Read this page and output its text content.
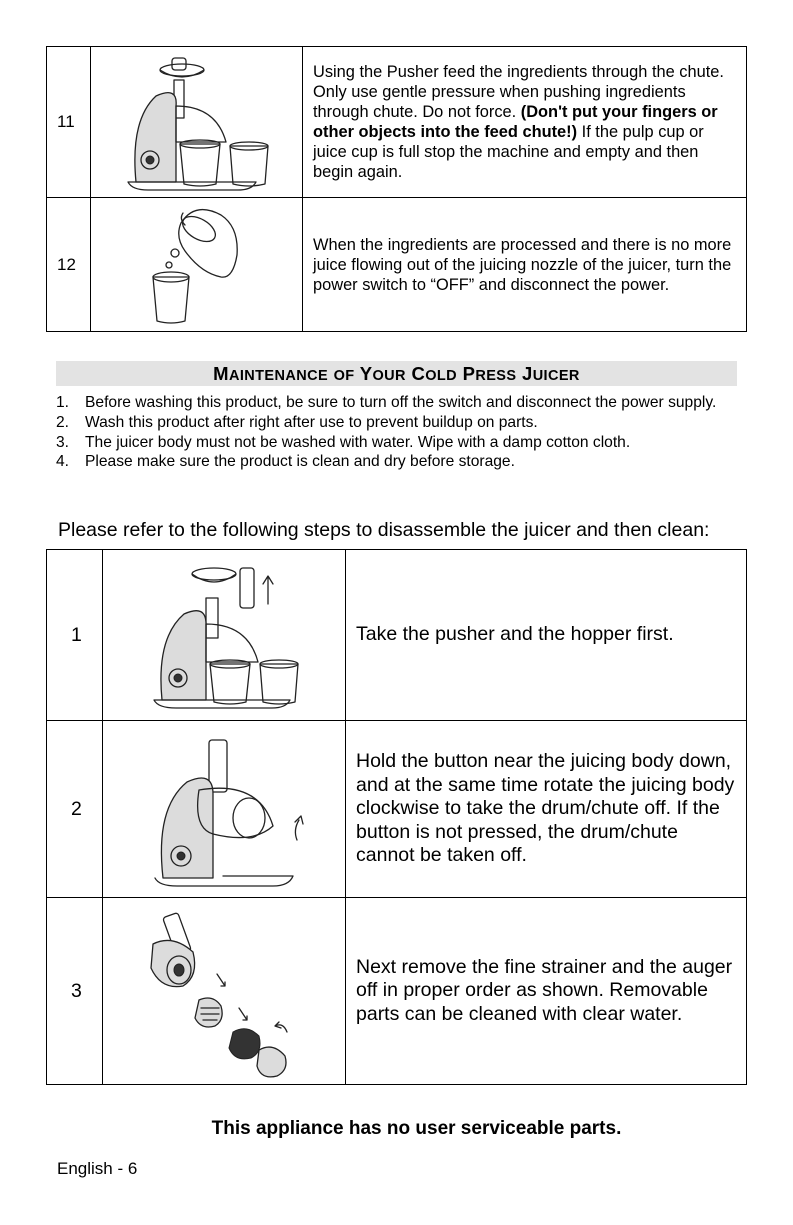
11		Using the Pusher feed the ingredients through the chute. Only use gentle pressure when pushing ingredients through chute. Do not force. (Don't put your fingers or other objects into the feed chute!) If the pulp cup or juice cup is full stop the machine and empty and then begin again.
12		When the ingredients are processed and there is no more juice flowing out of the juicing nozzle of the juicer, turn the power switch to “OFF” and disconnect the power.
MAINTENANCE OF YOUR COLD PRESS JUICER
1. Before washing this product, be sure to turn off the switch and disconnect the power supply.
2. Wash this product after right after use to prevent buildup on parts.
3. The juicer body must not be washed with water. Wipe with a damp cotton cloth.
4. Please make sure the product is clean and dry before storage.
Please refer to the following steps to disassemble the juicer and then clean:
1		Take the pusher and the hopper first.
2		Hold the button near the juicing body down, and at the same time rotate the juicing body clockwise to take the drum/chute off. If the button is not pressed, the drum/chute cannot be taken off.
3		Next remove the fine strainer and the auger off in proper order as shown. Removable parts can be cleaned with clear water.
This appliance has no user serviceable parts.
English - 6
